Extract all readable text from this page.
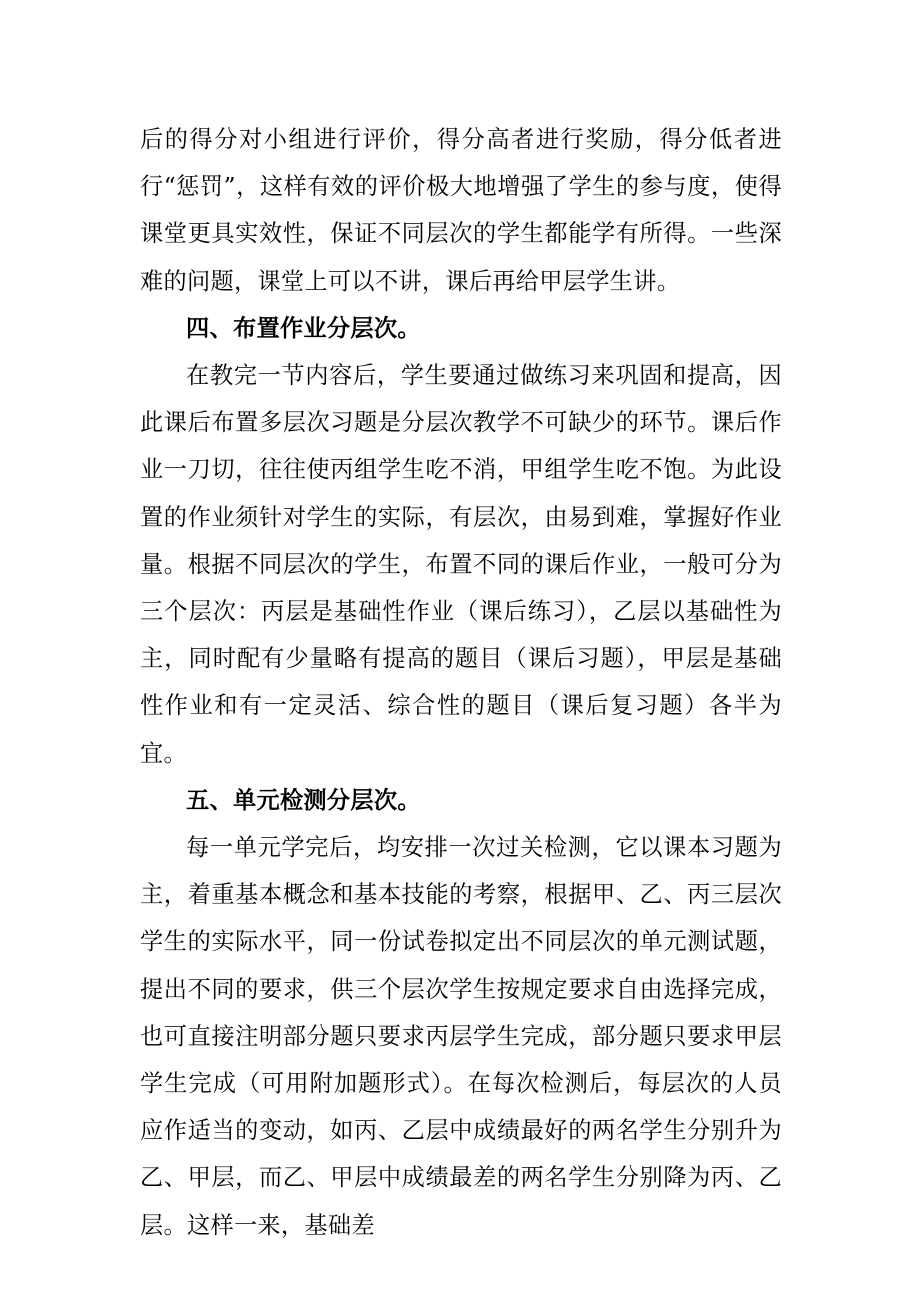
后的得分对小组进行评价，得分高者进行奖励，得分低者进行“惩罚”，这样有效的评价极大地增强了学生的参与度，使得课堂更具实效性，保证不同层次的学生都能学有所得。一些深难的问题，课堂上可以不讲，课后再给甲层学生讲。

四、布置作业分层次。

在教完一节内容后，学生要通过做练习来巩固和提高，因此课后布置多层次习题是分层次教学不可缺少的环节。课后作业一刀切，往往使丙组学生吃不消，甲组学生吃不饱。为此设置的作业须针对学生的实际，有层次，由易到难，掌握好作业量。根据不同层次的学生，布置不同的课后作业，一般可分为三个层次：丙层是基础性作业（课后练习），乙层以基础性为主，同时配有少量略有提高的题目（课后习题），甲层是基础性作业和有一定灵活、综合性的题目（课后复习题）各半为宜。

五、单元检测分层次。

每一单元学完后，均安排一次过关检测，它以课本习题为主，着重基本概念和基本技能的考察，根据甲、乙、丙三层次学生的实际水平，同一份试卷拟定出不同层次的单元测试题，提出不同的要求，供三个层次学生按规定要求自由选择完成，也可直接注明部分题只要求丙层学生完成，部分题只要求甲层学生完成（可用附加题形式）。在每次检测后，每层次的人员应作适当的变动，如丙、乙层中成绩最好的两名学生分别升为乙、甲层，而乙、甲层中成绩最差的两名学生分别降为丙、乙层。这样一来，基础差
